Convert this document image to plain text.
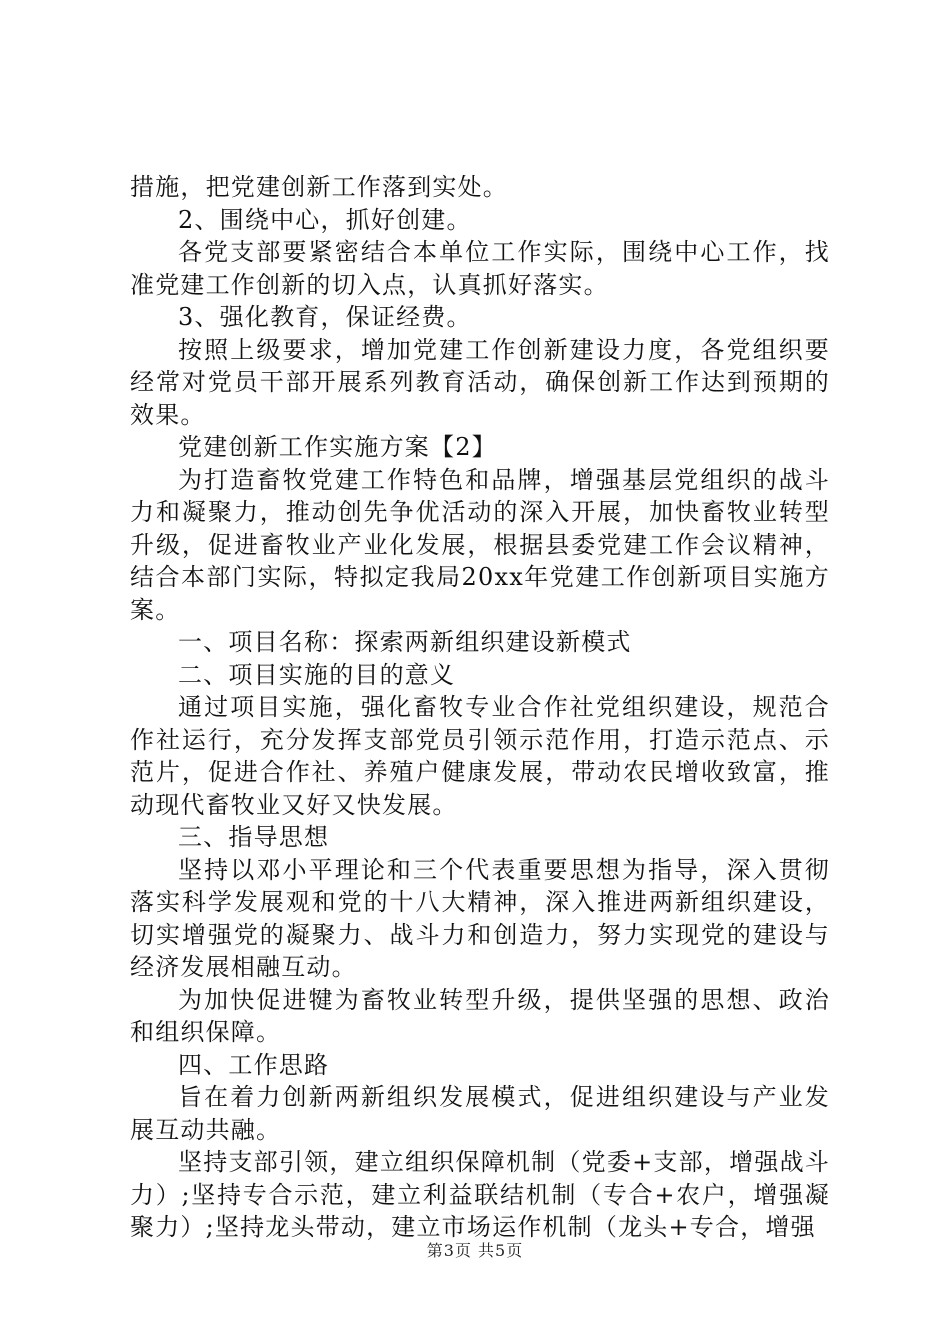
措施，把党建创新工作落到实处。

2、围绕中心，抓好创建。

各党支部要紧密结合本单位工作实际，围绕中心工作，找准党建工作创新的切入点，认真抓好落实。

3、强化教育，保证经费。

按照上级要求，增加党建工作创新建设力度，各党组织要经常对党员干部开展系列教育活动，确保创新工作达到预期的效果。

党建创新工作实施方案【2】

为打造畜牧党建工作特色和品牌，增强基层党组织的战斗力和凝聚力，推动创先争优活动的深入开展，加快畜牧业转型升级，促进畜牧业产业化发展，根据县委党建工作会议精神，结合本部门实际，特拟定我局20xx年党建工作创新项目实施方案。

一、项目名称：探索两新组织建设新模式

二、项目实施的目的意义

通过项目实施，强化畜牧专业合作社党组织建设，规范合作社运行，充分发挥支部党员引领示范作用，打造示范点、示范片，促进合作社、养殖户健康发展，带动农民增收致富，推动现代畜牧业又好又快发展。

三、指导思想

坚持以邓小平理论和三个代表重要思想为指导，深入贯彻落实科学发展观和党的十八大精神，深入推进两新组织建设，切实增强党的凝聚力、战斗力和创造力，努力实现党的建设与经济发展相融互动。

为加快促进犍为畜牧业转型升级，提供坚强的思想、政治和组织保障。

四、工作思路

旨在着力创新两新组织发展模式，促进组织建设与产业发展互动共融。

坚持支部引领，建立组织保障机制（党委+支部，增强战斗力）;坚持专合示范，建立利益联结机制（专合+农户，增强凝聚力）;坚持龙头带动，建立市场运作机制（龙头+专合，增强

第3页 共5页
